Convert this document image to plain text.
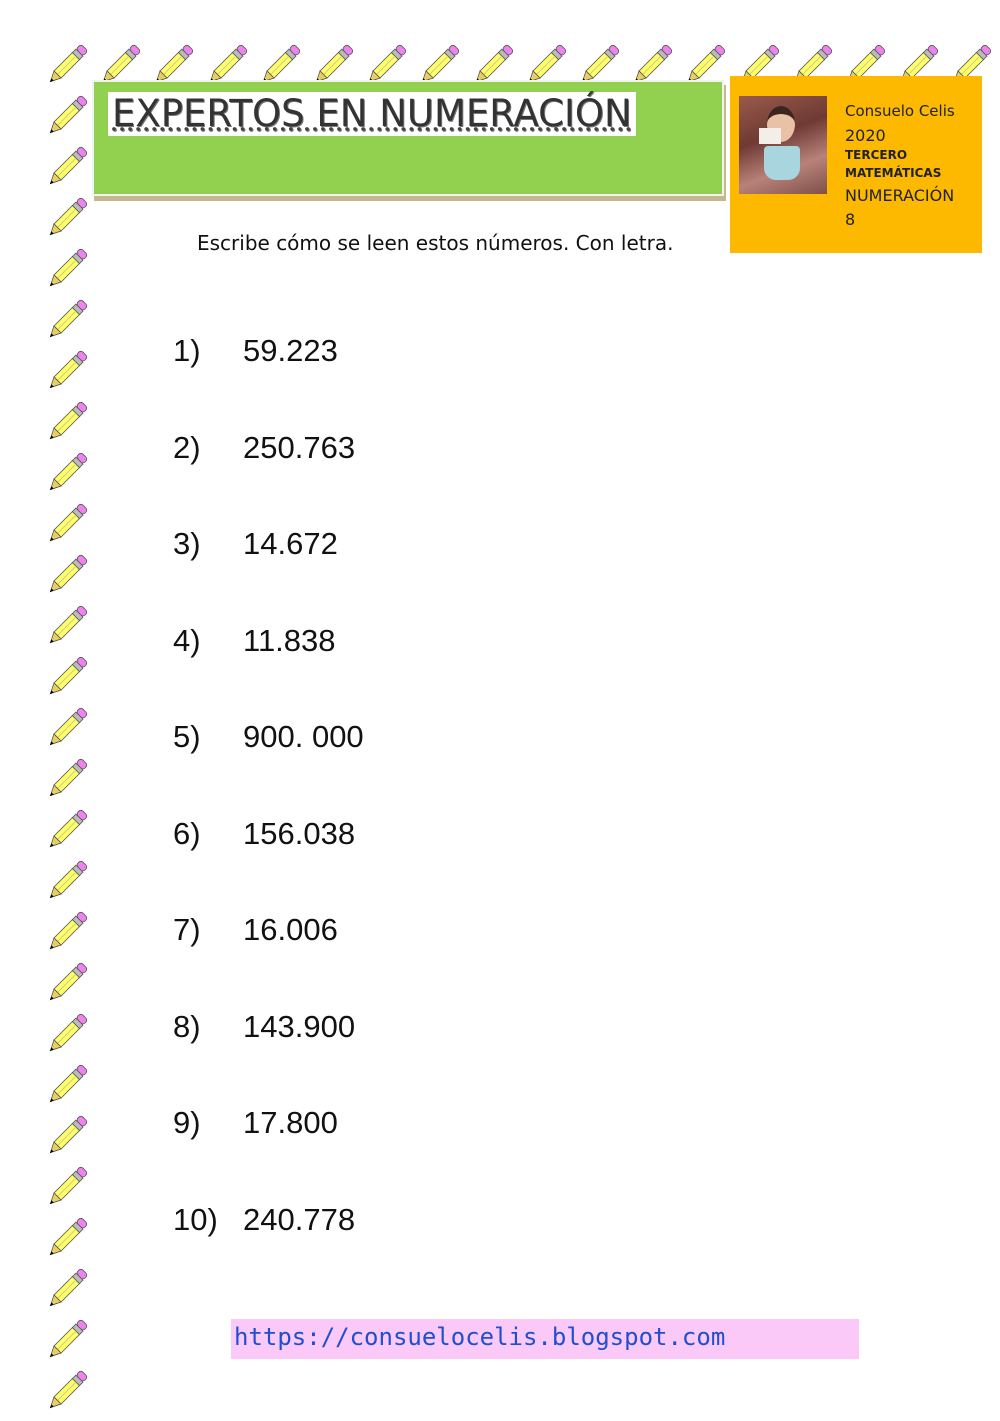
EXPERTOS EN NUMERACIÓN	Consuelo Celis
2020
TERCERO
MATEMÁTICAS
NUMERACIÓN
8
Escribe cómo se leen estos números. Con letra.
1) 59.223
2) 250.763
3) 14.672
4) 11.838
5) 900. 000
6) 156.038
7) 16.006
8) 143.900
9) 17.800
10) 240.778
https://consuelocelis.blogspot.com
